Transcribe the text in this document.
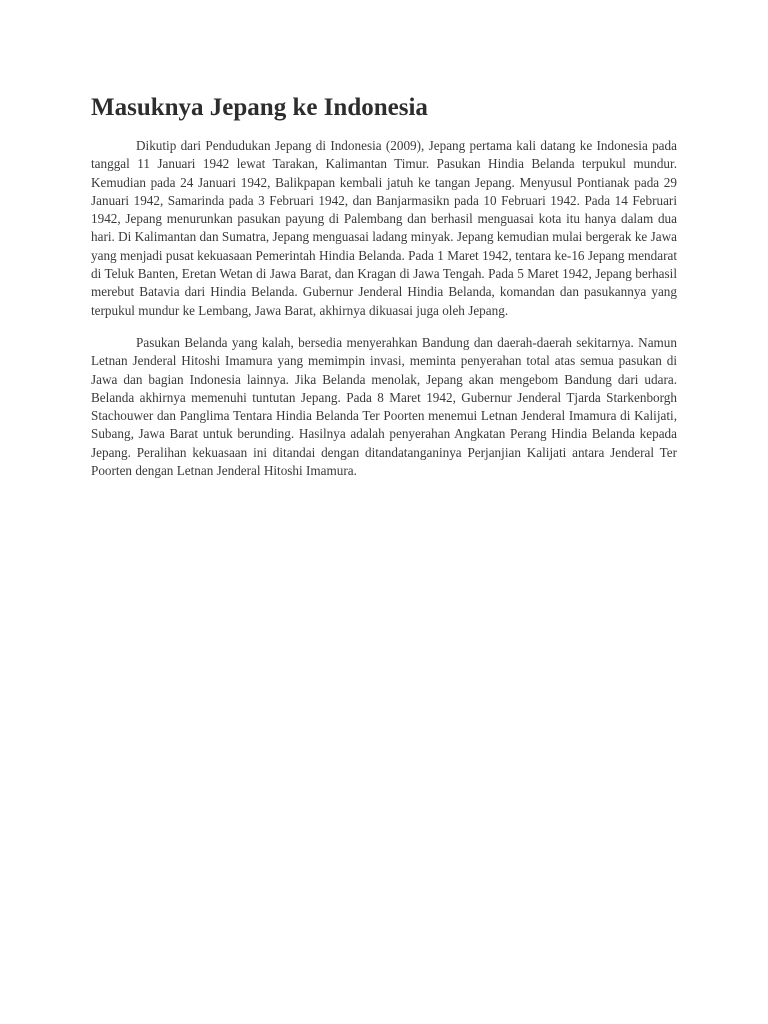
Masuknya Jepang ke Indonesia

Dikutip dari Pendudukan Jepang di Indonesia (2009), Jepang pertama kali datang ke Indonesia pada tanggal 11 Januari 1942 lewat Tarakan, Kalimantan Timur. Pasukan Hindia Belanda terpukul mundur. Kemudian pada 24 Januari 1942, Balikpapan kembali jatuh ke tangan Jepang. Menyusul Pontianak pada 29 Januari 1942, Samarinda pada 3 Februari 1942, dan Banjarmasikn pada 10 Februari 1942. Pada 14 Februari 1942, Jepang menurunkan pasukan payung di Palembang dan berhasil menguasai kota itu hanya dalam dua hari. Di Kalimantan dan Sumatra, Jepang menguasai ladang minyak. Jepang kemudian mulai bergerak ke Jawa yang menjadi pusat kekuasaan Pemerintah Hindia Belanda. Pada 1 Maret 1942, tentara ke-16 Jepang mendarat di Teluk Banten, Eretan Wetan di Jawa Barat, dan Kragan di Jawa Tengah. Pada 5 Maret 1942, Jepang berhasil merebut Batavia dari Hindia Belanda. Gubernur Jenderal Hindia Belanda, komandan dan pasukannya yang terpukul mundur ke Lembang, Jawa Barat, akhirnya dikuasai juga oleh Jepang.

Pasukan Belanda yang kalah, bersedia menyerahkan Bandung dan daerah-daerah sekitarnya. Namun Letnan Jenderal Hitoshi Imamura yang memimpin invasi, meminta penyerahan total atas semua pasukan di Jawa dan bagian Indonesia lainnya. Jika Belanda menolak, Jepang akan mengebom Bandung dari udara. Belanda akhirnya memenuhi tuntutan Jepang. Pada 8 Maret 1942, Gubernur Jenderal Tjarda Starkenborgh Stachouwer dan Panglima Tentara Hindia Belanda Ter Poorten menemui Letnan Jenderal Imamura di Kalijati, Subang, Jawa Barat untuk berunding. Hasilnya adalah penyerahan Angkatan Perang Hindia Belanda kepada Jepang. Peralihan kekuasaan ini ditandai dengan ditandatanganinya Perjanjian Kalijati antara Jenderal Ter Poorten dengan Letnan Jenderal Hitoshi Imamura.
